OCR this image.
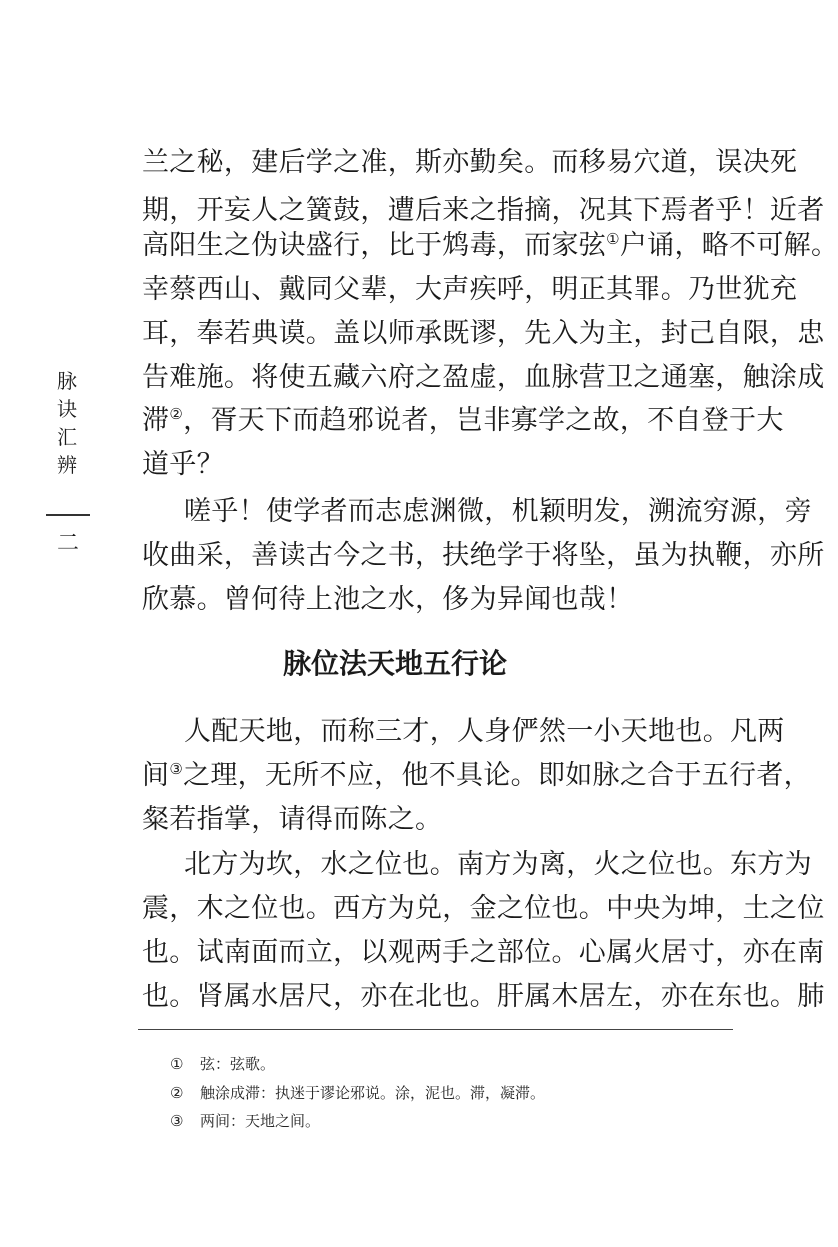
脉
诀
汇
辨
二
兰之秘，建后学之准，斯亦勤矣。而移易穴道，误决死
期，开妄人之簧鼓，遭后来之指摘，况其下焉者乎！近者
高阳生之伪诀盛行，比于鸩毒，而家弦①户诵，略不可解。
幸蔡西山、戴同父辈，大声疾呼，明正其罪。乃世犹充
耳，奉若典谟。盖以师承既谬，先入为主，封己自限，忠
告难施。将使五藏六府之盈虚，血脉营卫之通塞，触涂成
滞②，胥天下而趋邪说者，岂非寡学之故，不自登于大
道乎？
嗟乎！使学者而志虑渊微，机颖明发，溯流穷源，旁
收曲采，善读古今之书，扶绝学于将坠，虽为执鞭，亦所
欣慕。曾何待上池之水，侈为异闻也哉！
脉位法天地五行论
人配天地，而称三才，人身俨然一小天地也。凡两
间③之理，无所不应，他不具论。即如脉之合于五行者，
粲若指掌，请得而陈之。
北方为坎，水之位也。南方为离，火之位也。东方为
震，木之位也。西方为兑，金之位也。中央为坤，土之位
也。试南面而立，以观两手之部位。心属火居寸，亦在南
也。肾属水居尺，亦在北也。肝属木居左，亦在东也。肺
① 弦：弦歌。
② 触涂成滞：执迷于谬论邪说。涂，泥也。滞，凝滞。
③ 两间：天地之间。
